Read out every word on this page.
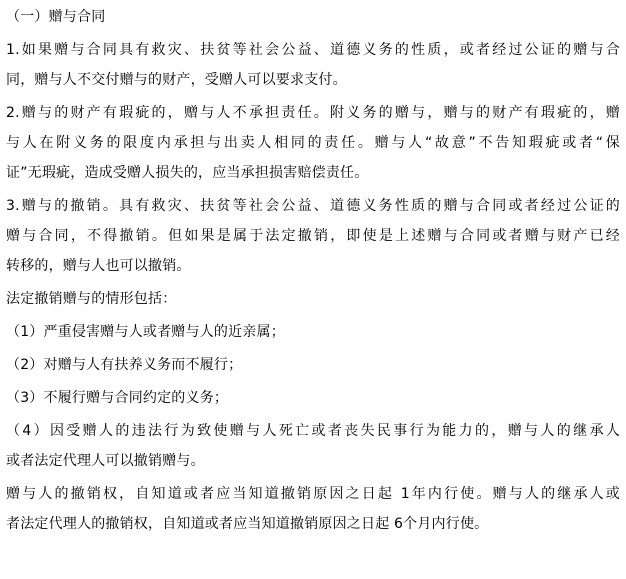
（一）赠与合同
1.如果赠与合同具有救灾、扶贫等社会公益、道德义务的性质，或者经过公证的赠与合
同，赠与人不交付赠与的财产，受赠人可以要求支付。
2.赠与的财产有瑕疵的，赠与人不承担责任。附义务的赠与，赠与的财产有瑕疵的，赠
与人在附义务的限度内承担与出卖人相同的责任。赠与人“故意”不告知瑕疵或者“保
证”无瑕疵，造成受赠人损失的，应当承担损害赔偿责任。
3.赠与的撤销。具有救灾、扶贫等社会公益、道德义务性质的赠与合同或者经过公证的
赠与合同，不得撤销。但如果是属于法定撤销，即使是上述赠与合同或者赠与财产已经
转移的，赠与人也可以撤销。
法定撤销赠与的情形包括：
（1）严重侵害赠与人或者赠与人的近亲属；
（2）对赠与人有扶养义务而不履行；
（3）不履行赠与合同约定的义务；
（4）因受赠人的违法行为致使赠与人死亡或者丧失民事行为能力的，赠与人的继承人
或者法定代理人可以撤销赠与。
赠与人的撤销权，自知道或者应当知道撤销原因之日起 1年内行使。赠与人的继承人或
者法定代理人的撤销权，自知道或者应当知道撤销原因之日起 6个月内行使。
